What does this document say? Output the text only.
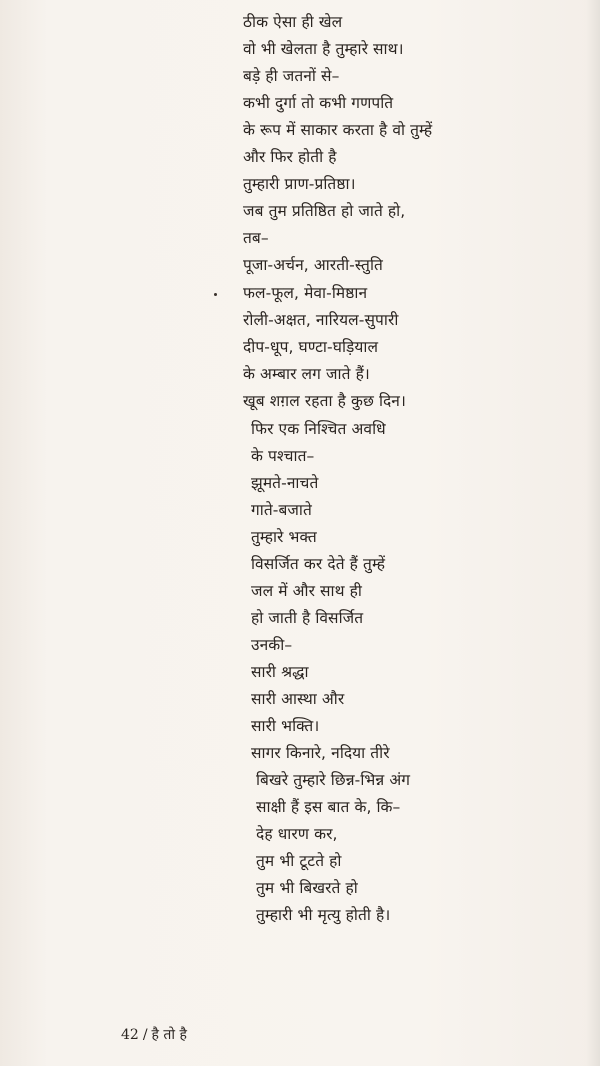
ठीक ऐसा ही खेल
वो भी खेलता है तुम्हारे साथ।
बड़े ही जतनों से–
कभी दुर्गा तो कभी गणपति
के रूप में साकार करता है वो तुम्हें
और फिर होती है
तुम्हारी प्राण-प्रतिष्ठा।
जब तुम प्रतिष्ठित हो जाते हो,
तब–
पूजा-अर्चन, आरती-स्तुति
फल-फूल, मेवा-मिष्ठान
रोली-अक्षत, नारियल-सुपारी
दीप-धूप, घण्टा-घड़ियाल
के अम्बार लग जाते हैं।
खूब शग़ल रहता है कुछ दिन।
फिर एक निश्चित अवधि
के पश्चात–
झूमते-नाचते
गाते-बजाते
तुम्हारे भक्त
विसर्जित कर देते हैं तुम्हें
जल में और साथ ही
हो जाती है विसर्जित
उनकी–
सारी श्रद्धा
सारी आस्था और
सारी भक्ति।
सागर किनारे, नदिया तीरे
बिखरे तुम्हारे छिन्न-भिन्न अंग
साक्षी हैं इस बात के, कि–
देह धारण कर,
तुम भी टूटते हो
तुम भी बिखरते हो
तुम्हारी भी मृत्यु होती है।
42 / है तो है
